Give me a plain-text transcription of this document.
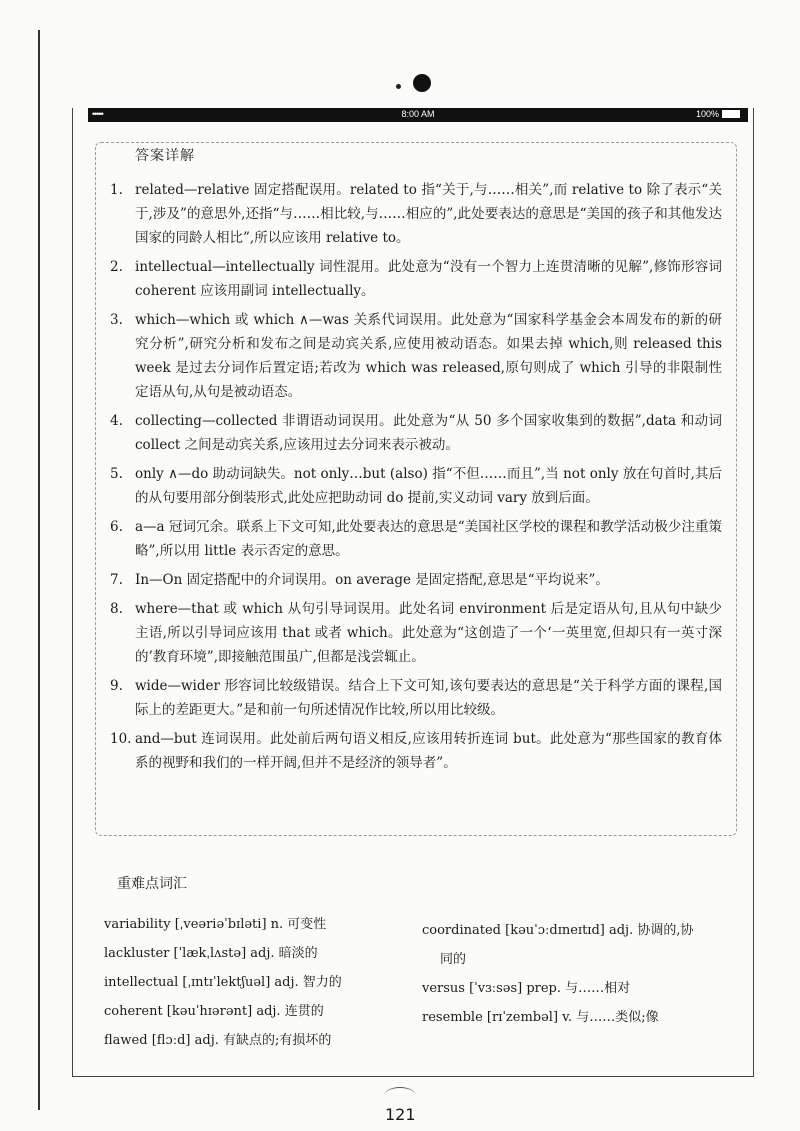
•••••	8:00 AM	100%
答案详解
1. related—relative 固定搭配误用。related to 指“关于,与……相关”,而 relative to 除了表示“关于,涉及”的意思外,还指“与……相比较,与……相应的”,此处要表达的意思是“美国的孩子和其他发达国家的同龄人相比”,所以应该用 relative to。
2. intellectual—intellectually 词性混用。此处意为“没有一个智力上连贯清晰的见解”,修饰形容词 coherent 应该用副词 intellectually。
3. which—which 或 which ∧—was 关系代词误用。此处意为“国家科学基金会本周发布的新的研究分析”,研究分析和发布之间是动宾关系,应使用被动语态。如果去掉 which,则 released this week 是过去分词作后置定语;若改为 which was released,原句则成了 which 引导的非限制性定语从句,从句是被动语态。
4. collecting—collected 非谓语动词误用。此处意为“从 50 多个国家收集到的数据”,data 和动词 collect 之间是动宾关系,应该用过去分词来表示被动。
5. only ∧—do 助动词缺失。not only…but (also) 指“不但……而且”,当 not only 放在句首时,其后的从句要用部分倒装形式,此处应把助动词 do 提前,实义动词 vary 放到后面。
6. a—a 冠词冗余。联系上下文可知,此处要表达的意思是“美国社区学校的课程和教学活动极少注重策略”,所以用 little 表示否定的意思。
7. In—On 固定搭配中的介词误用。on average 是固定搭配,意思是“平均说来”。
8. where—that 或 which 从句引导词误用。此处名词 environment 后是定语从句,且从句中缺少主语,所以引导词应该用 that 或者 which。此处意为“这创造了一个‘一英里宽,但却只有一英寸深的’教育环境”,即接触范围虽广,但都是浅尝辄止。
9. wide—wider 形容词比较级错误。结合上下文可知,该句要表达的意思是“关于科学方面的课程,国际上的差距更大。”是和前一句所述情况作比较,所以用比较级。
10. and—but 连词误用。此处前后两句语义相反,应该用转折连词 but。此处意为“那些国家的教育体系的视野和我们的一样开阔,但并不是经济的领导者”。
重难点词汇
variability [ˌveəriəˈbɪləti] n. 可变性
lackluster [ˈlækˌlʌstə] adj. 暗淡的
intellectual [ˌɪntɪˈlektʃuəl] adj. 智力的
coherent [kəuˈhɪərənt] adj. 连贯的
flawed [flɔːd] adj. 有缺点的;有损坏的
coordinated [kəuˈɔːdɪneɪtɪd] adj. 协调的,协
同的
versus [ˈvɜːsəs] prep. 与……相对
resemble [rɪˈzembəl] v. 与……类似;像
121
